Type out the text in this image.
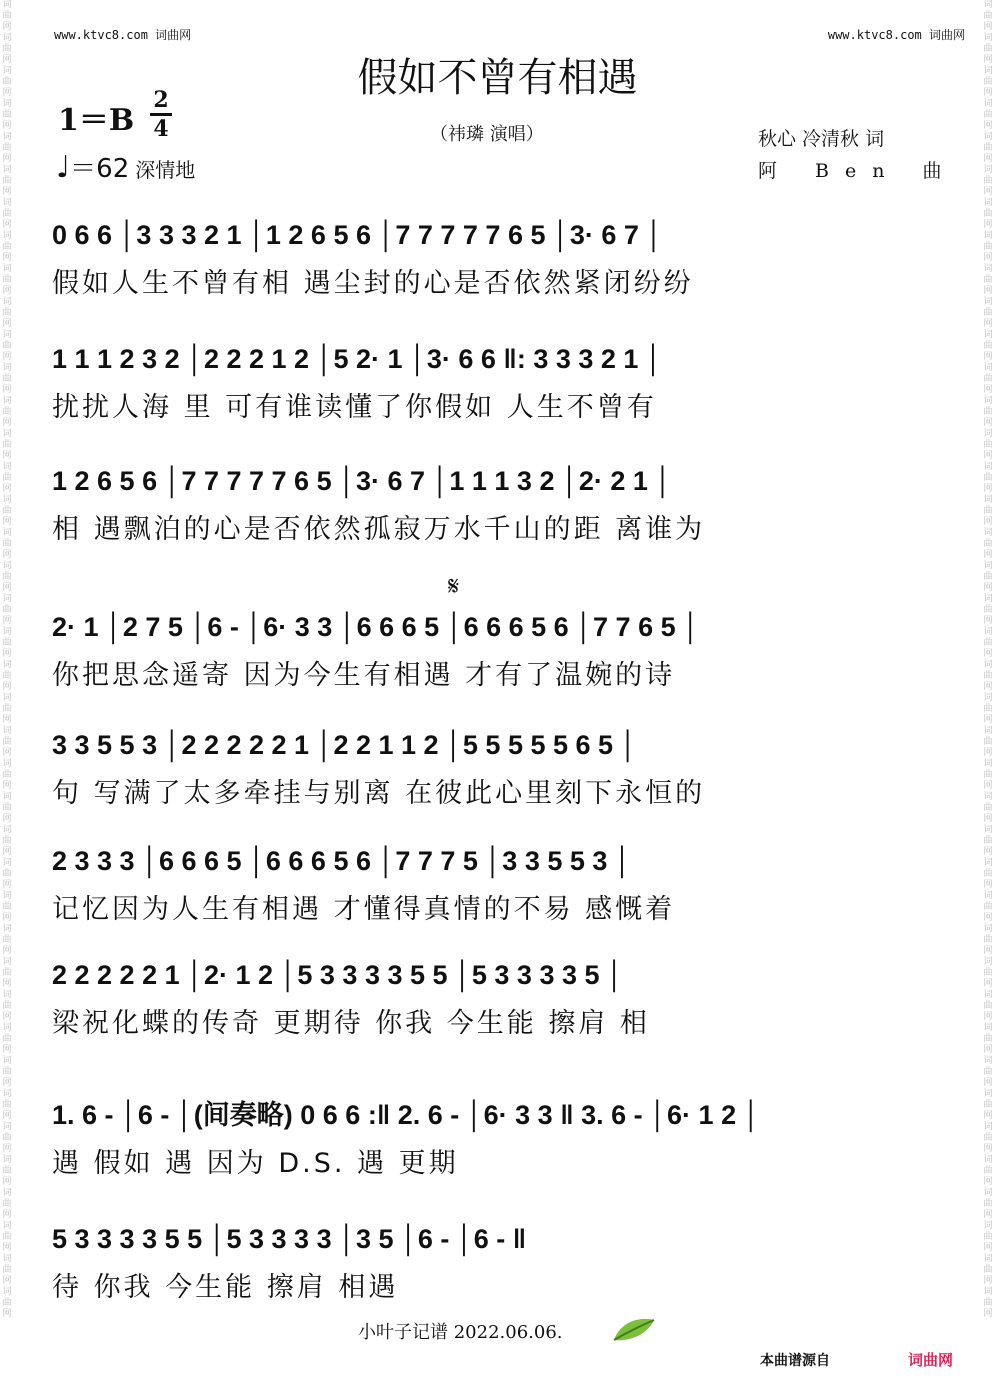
词曲网词曲网词曲网词曲网词曲网词曲网词曲网词曲网词曲网词曲网词曲网词曲网词曲网词曲网词曲网词曲网词曲网词曲网词曲网词曲网词曲网词曲网词曲网词曲网词曲网词曲网词曲网词曲网词曲网词曲网词曲网词曲网词曲网词曲网词曲网词曲网词曲网词曲网词曲网词曲网
词曲网词曲网词曲网词曲网词曲网词曲网词曲网词曲网词曲网词曲网词曲网词曲网词曲网词曲网词曲网词曲网词曲网词曲网词曲网词曲网词曲网词曲网词曲网词曲网词曲网词曲网词曲网词曲网词曲网词曲网词曲网词曲网词曲网词曲网词曲网词曲网词曲网词曲网词曲网词曲网
www.ktvc8.com 词曲网	www.ktvc8.com 词曲网
假如不曾有相遇
1＝B
2
4
♩＝62 深情地
（祎璘 演唱）	秋心 冷清秋 词
阿 Ben 曲
0 6 6 │3 3 3 2 1 │1 2 6 5 6 │7 7 7 7 7 6 5 │3· 6 7 │
假如人生不曾有相 遇尘封的心是否依然紧闭纷纷
1 1 1 2 3 2 │2 2 2 1 2 │5 2· 1 │3· 6 6 ‖: 3 3 3 2 1 │
扰扰人海 里 可有谁读懂了你假如 人生不曾有
1 2 6 5 6 │7 7 7 7 7 6 5 │3· 6 7 │1 1 1 3 2 │2· 2 1 │
相 遇飘泊的心是否依然孤寂万水千山的距 离谁为
𝄋
2· 1 │2 7 5 │6 - │6· 3 3 │6 6 6 5 │6 6 6 5 6 │7 7 6 5 │
你把思念遥寄 因为今生有相遇 才有了温婉的诗
3 3 5 5 3 │2 2 2 2 2 1 │2 2 1 1 2 │5 5 5 5 5 6 5 │
句 写满了太多牵挂与别离 在彼此心里刻下永恒的
2 3 3 3 │6 6 6 5 │6 6 6 5 6 │7 7 7 5 │3 3 5 5 3 │
记忆因为人生有相遇 才懂得真情的不易 感慨着
2 2 2 2 2 1 │2· 1 2 │5 3 3 3 3 5 5 │5 3 3 3 3 5 │
梁祝化蝶的传奇 更期待 你我 今生能 擦肩 相
1. 6 - │6 - │(间奏略) 0 6 6 :‖ 2. 6 - │6· 3 3 ‖ 3. 6 - │6· 1 2 │
遇 假如 遇 因为 D.S. 遇 更期
5 3 3 3 3 5 5 │5 3 3 3 3 │3 5 │6 - │6 - ‖
待 你我 今生能 擦肩 相遇
小叶子记谱 2022.06.06.
本曲谱源自	词曲网
